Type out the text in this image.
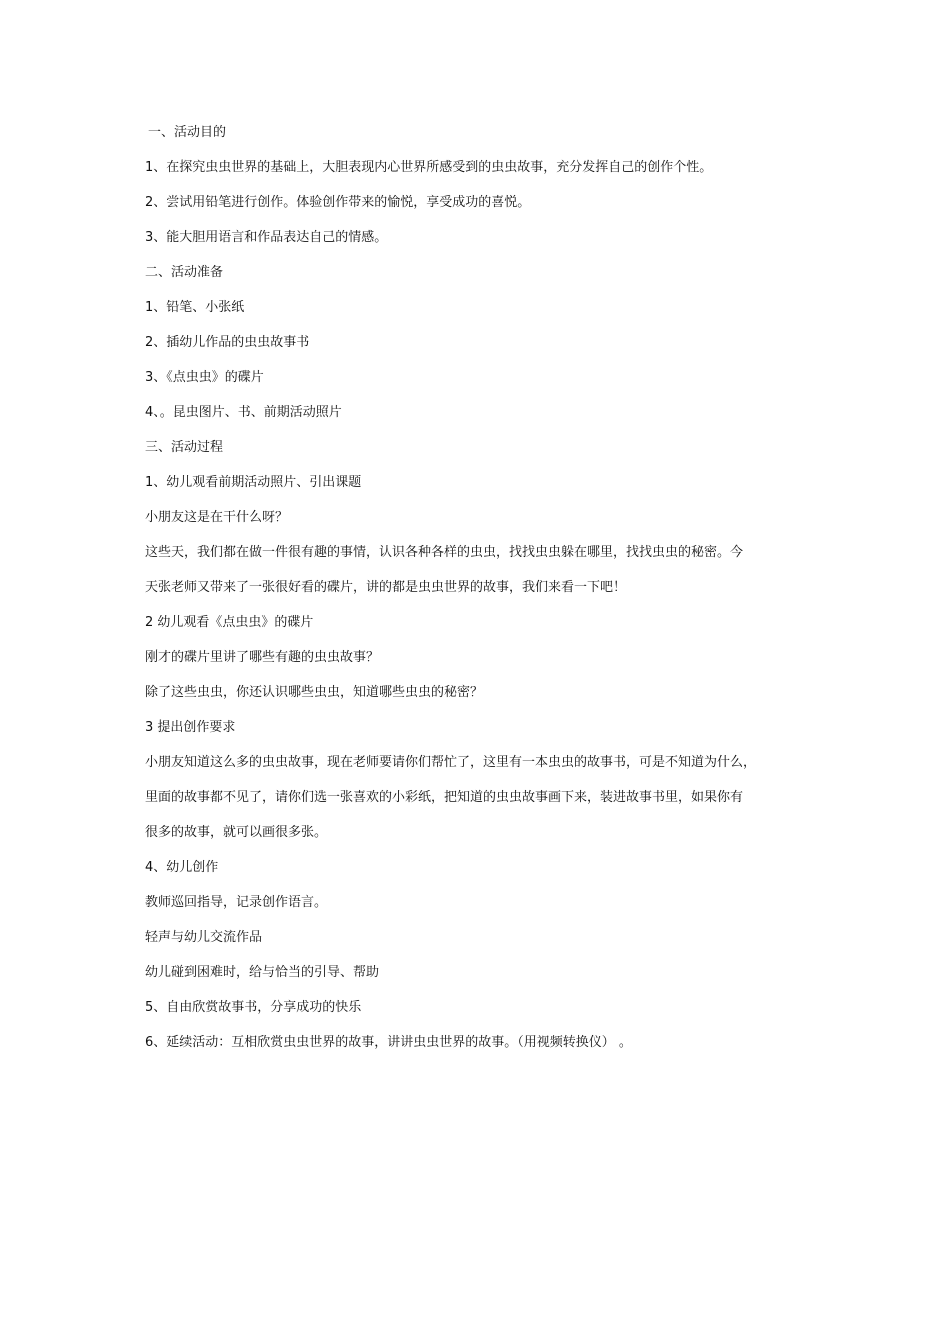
一、活动目的
1、在探究虫虫世界的基础上，大胆表现内心世界所感受到的虫虫故事，充分发挥自己的创作个性。
2、尝试用铅笔进行创作。体验创作带来的愉悦，享受成功的喜悦。
3、能大胆用语言和作品表达自己的情感。
二、活动准备
1、铅笔、小张纸
2、插幼儿作品的虫虫故事书
3、《点虫虫》的碟片
4、。昆虫图片、书、前期活动照片
三、活动过程
1、幼儿观看前期活动照片、引出课题
小朋友这是在干什么呀？
这些天，我们都在做一件很有趣的事情，认识各种各样的虫虫，找找虫虫躲在哪里，找找虫虫的秘密。今
天张老师又带来了一张很好看的碟片，讲的都是虫虫世界的故事，我们来看一下吧！
2 幼儿观看《点虫虫》的碟片
刚才的碟片里讲了哪些有趣的虫虫故事？
除了这些虫虫，你还认识哪些虫虫，知道哪些虫虫的秘密？
3 提出创作要求
小朋友知道这么多的虫虫故事，现在老师要请你们帮忙了，这里有一本虫虫的故事书，可是不知道为什么，
里面的故事都不见了，请你们选一张喜欢的小彩纸，把知道的虫虫故事画下来，装进故事书里，如果你有
很多的故事，就可以画很多张。
4、幼儿创作
教师巡回指导，记录创作语言。
轻声与幼儿交流作品
幼儿碰到困难时，给与恰当的引导、帮助
5、自由欣赏故事书，分享成功的快乐
6、延续活动：互相欣赏虫虫世界的故事，讲讲虫虫世界的故事。（用视频转换仪） 。
